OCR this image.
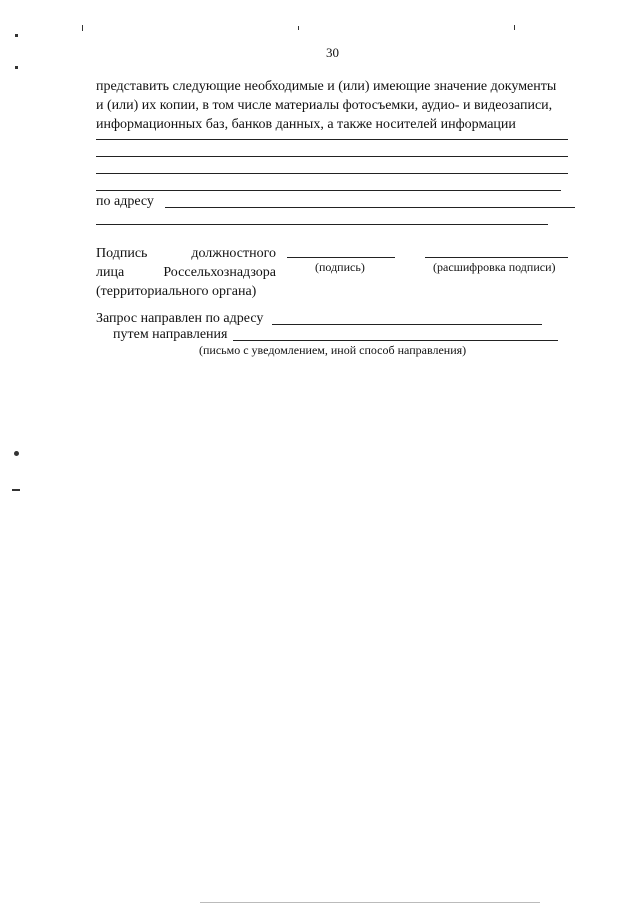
30
представить следующие необходимые и (или) имеющие значение документы
и (или) их копии, в том числе материалы фотосъемки, аудио- и видеозаписи,
информационных баз, банков данных, а также носителей информации
по адресу
Подпись	должностного
лица	Россельхознадзора
(территориального органа)
(подпись)	(расшифровка подписи)
Запрос направлен по адресу
путем направления
(письмо с уведомлением, иной способ направления)
